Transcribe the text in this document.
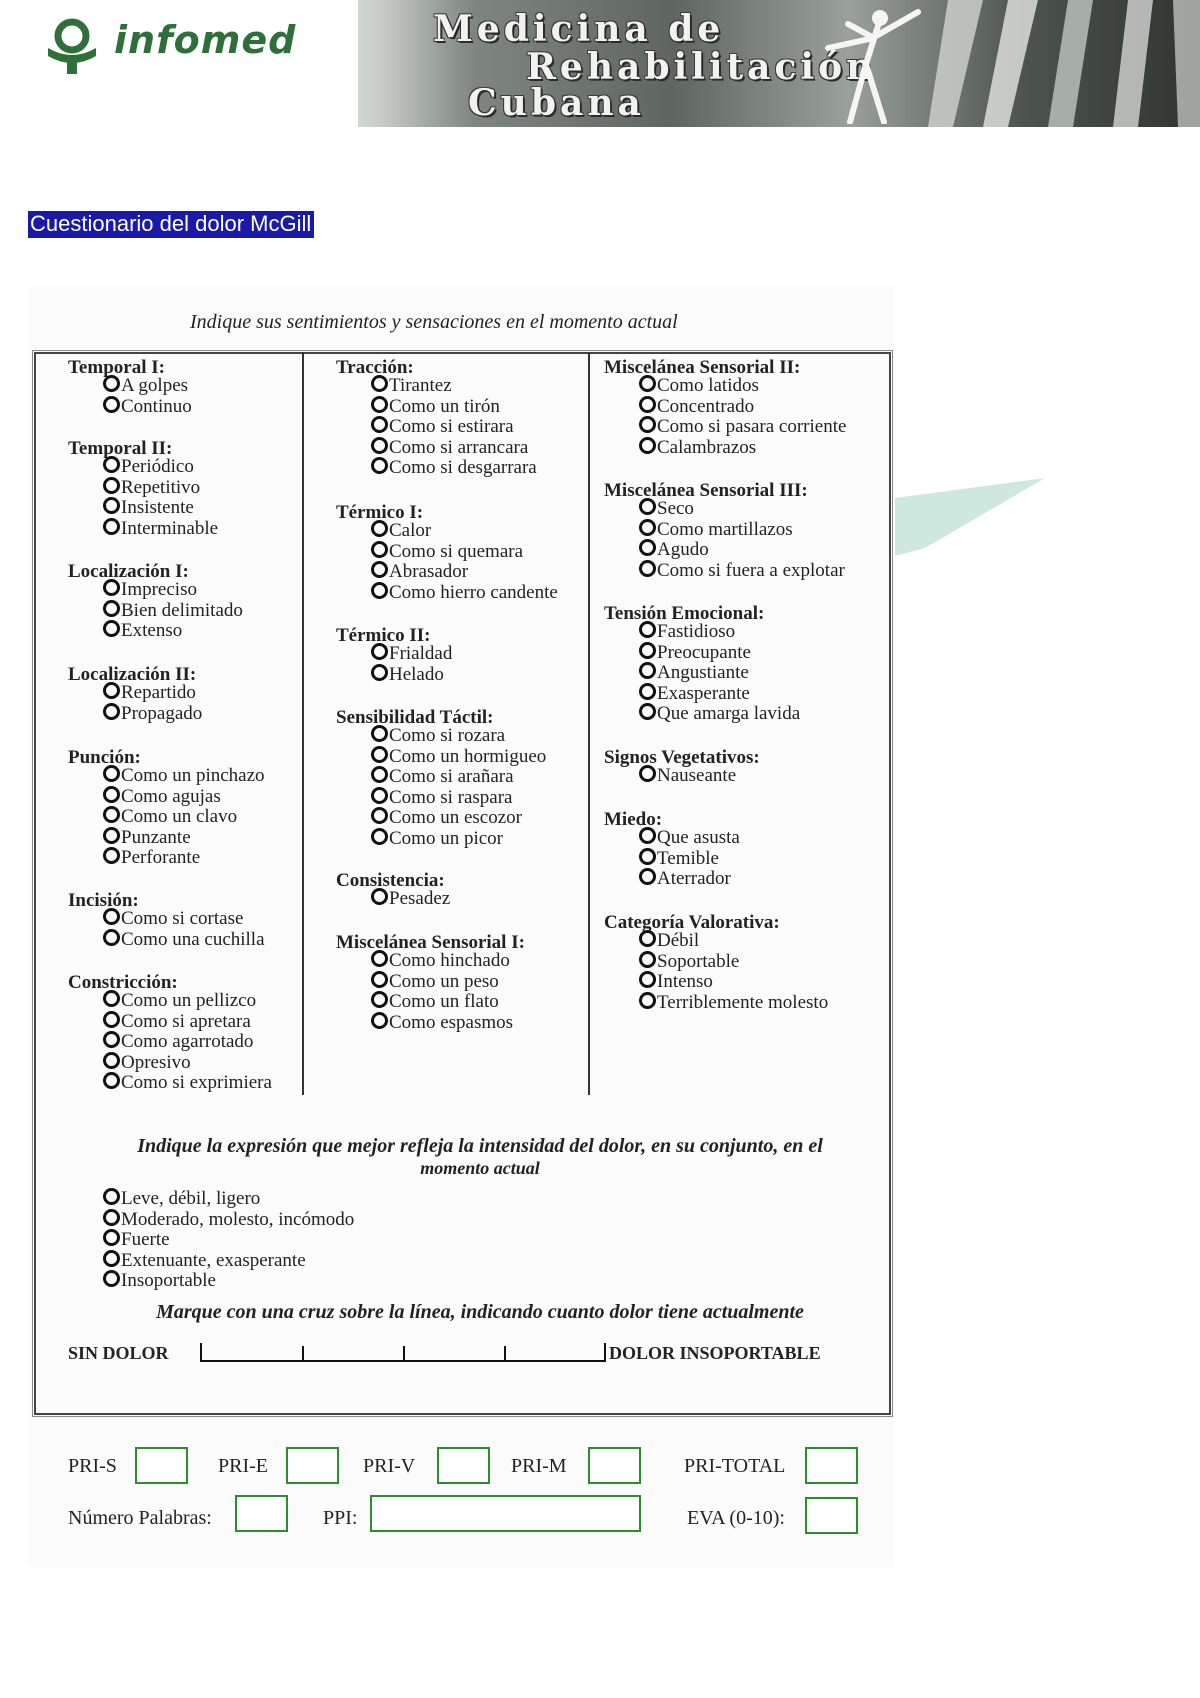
infomed	Medicina de
Rehabilitación
Cubana
Cuestionario del dolor McGill
Indique sus sentimientos y sensaciones en el momento actual
Temporal I:
A golpes
Continuo
Temporal II:
Periódico
Repetitivo
Insistente
Interminable
Localización I:
Impreciso
Bien delimitado
Extenso
Localización II:
Repartido
Propagado
Punción:
Como un pinchazo
Como agujas
Como un clavo
Punzante
Perforante
Incisión:
Como si cortase
Como una cuchilla
Constricción:
Como un pellizco
Como si apretara
Como agarrotado
Opresivo
Como si exprimiera
Tracción:
Tirantez
Como un tirón
Como si estirara
Como si arrancara
Como si desgarrara
Térmico I:
Calor
Como si quemara
Abrasador
Como hierro candente
Térmico II:
Frialdad
Helado
Sensibilidad Táctil:
Como si rozara
Como un hormigueo
Como si arañara
Como si raspara
Como un escozor
Como un picor
Consistencia:
Pesadez
Miscelánea Sensorial I:
Como hinchado
Como un peso
Como un flato
Como espasmos
Miscelánea Sensorial II:
Como latidos
Concentrado
Como si pasara corriente
Calambrazos
Miscelánea Sensorial III:
Seco
Como martillazos
Agudo
Como si fuera a explotar
Tensión Emocional:
Fastidioso
Preocupante
Angustiante
Exasperante
Que amarga lavida
Signos Vegetativos:
Nauseante
Miedo:
Que asusta
Temible
Aterrador
Categoría Valorativa:
Débil
Soportable
Intenso
Terriblemente molesto
Indique la expresión que mejor refleja la intensidad del dolor, en su conjunto, en el
momento actual
Leve, débil, ligero
Moderado, molesto, incómodo
Fuerte
Extenuante, exasperante
Insoportable
Marque con una cruz sobre la línea, indicando cuanto dolor tiene actualmente
SIN DOLOR	DOLOR INSOPORTABLE
PRI-S	PRI-E	PRI-V	PRI-M	PRI-TOTAL
Número Palabras:	PPI:	EVA (0-10):
